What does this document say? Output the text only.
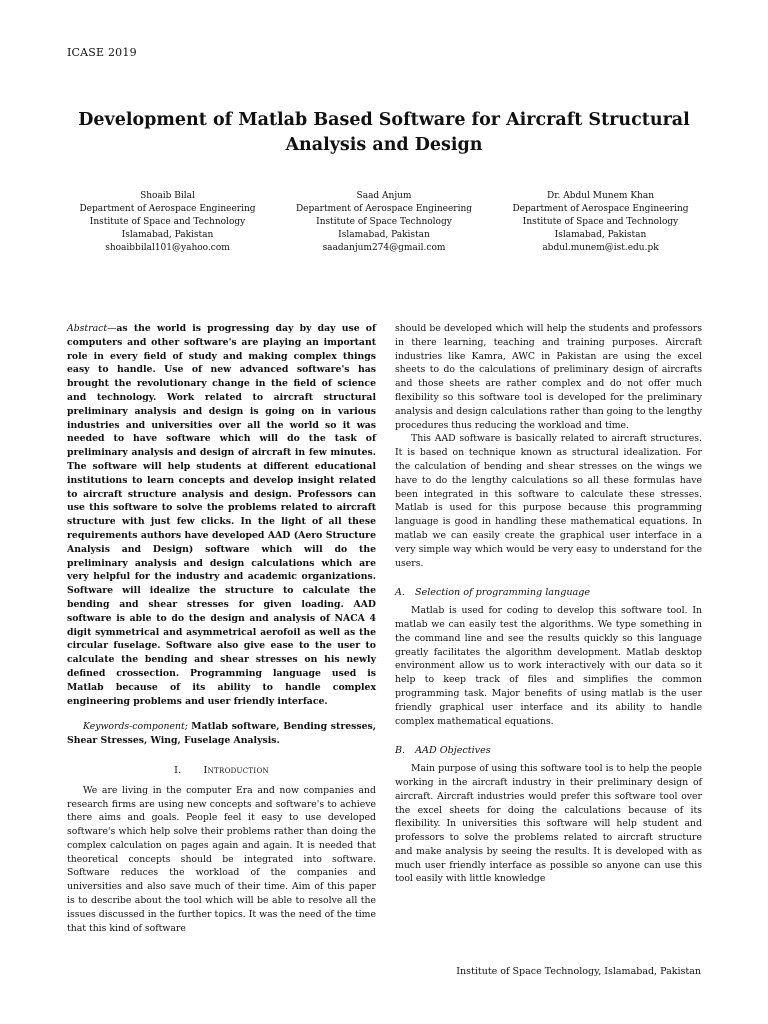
ICASE 2019
Development of Matlab Based Software for Aircraft Structural Analysis and Design
Shoaib Bilal
Department of Aerospace Engineering
Institute of Space and Technology
Islamabad, Pakistan
shoaibbilal101@yahoo.com
Saad Anjum
Department of Aerospace Engineering
Institute of Space Technology
Islamabad, Pakistan
saadanjum274@gmail.com
Dr. Abdul Munem Khan
Department of Aerospace Engineering
Institute of Space and Technology
Islamabad, Pakistan
abdul.munem@ist.edu.pk

Abstract—as the world is progressing day by day use of computers and other software's are playing an important role in every field of study and making complex things easy to handle. Use of new advanced software's has brought the revolutionary change in the field of science and technology. Work related to aircraft structural preliminary analysis and design is going on in various industries and universities over all the world so it was needed to have software which will do the task of preliminary analysis and design of aircraft in few minutes. The software will help students at different educational institutions to learn concepts and develop insight related to aircraft structure analysis and design. Professors can use this software to solve the problems related to aircraft structure with just few clicks. In the light of all these requirements authors have developed AAD (Aero Structure Analysis and Design) software which will do the preliminary analysis and design calculations which are very helpful for the industry and academic organizations. Software will idealize the structure to calculate the bending and shear stresses for given loading. AAD software is able to do the design and analysis of NACA 4 digit symmetrical and asymmetrical aerofoil as well as the circular fuselage. Software also give ease to the user to calculate the bending and shear stresses on his newly defined crossection. Programming language used is Matlab because of its ability to handle complex engineering problems and user friendly interface.

Keywords-component; Matlab software, Bending stresses, Shear Stresses, Wing, Fuselage Analysis.

I. Introduction

We are living in the computer Era and now companies and research firms are using new concepts and software's to achieve there aims and goals. People feel it easy to use developed software's which help solve their problems rather than doing the complex calculation on pages again and again. It is needed that theoretical concepts should be integrated into software. Software reduces the workload of the companies and universities and also save much of their time. Aim of this paper is to describe about the tool which will be able to resolve all the issues discussed in the further topics. It was the need of the time that this kind of software

should be developed which will help the students and professors in there learning, teaching and training purposes. Aircraft industries like Kamra, AWC in Pakistan are using the excel sheets to do the calculations of preliminary design of aircrafts and those sheets are rather complex and do not offer much flexibility so this software tool is developed for the preliminary analysis and design calculations rather than going to the lengthy procedures thus reducing the workload and time.

This AAD software is basically related to aircraft structures. It is based on technique known as structural idealization. For the calculation of bending and shear stresses on the wings we have to do the lengthy calculations so all these formulas have been integrated in this software to calculate these stresses. Matlab is used for this purpose because this programming language is good in handling these mathematical equations. In matlab we can easily create the graphical user interface in a very simple way which would be very easy to understand for the users.

A. Selection of programming language

Matlab is used for coding to develop this software tool. In matlab we can easily test the algorithms. We type something in the command line and see the results quickly so this language greatly facilitates the algorithm development. Matlab desktop environment allow us to work interactively with our data so it help to keep track of files and simplifies the common programming task. Major benefits of using matlab is the user friendly graphical user interface and its ability to handle complex mathematical equations.

B. AAD Objectives

Main purpose of using this software tool is to help the people working in the aircraft industry in their preliminary design of aircraft. Aircraft industries would prefer this software tool over the excel sheets for doing the calculations because of its flexibility. In universities this software will help student and professors to solve the problems related to aircraft structure and make analysis by seeing the results. It is developed with as much user friendly interface as possible so anyone can use this tool easily with little knowledge

Institute of Space Technology, Islamabad, Pakistan
